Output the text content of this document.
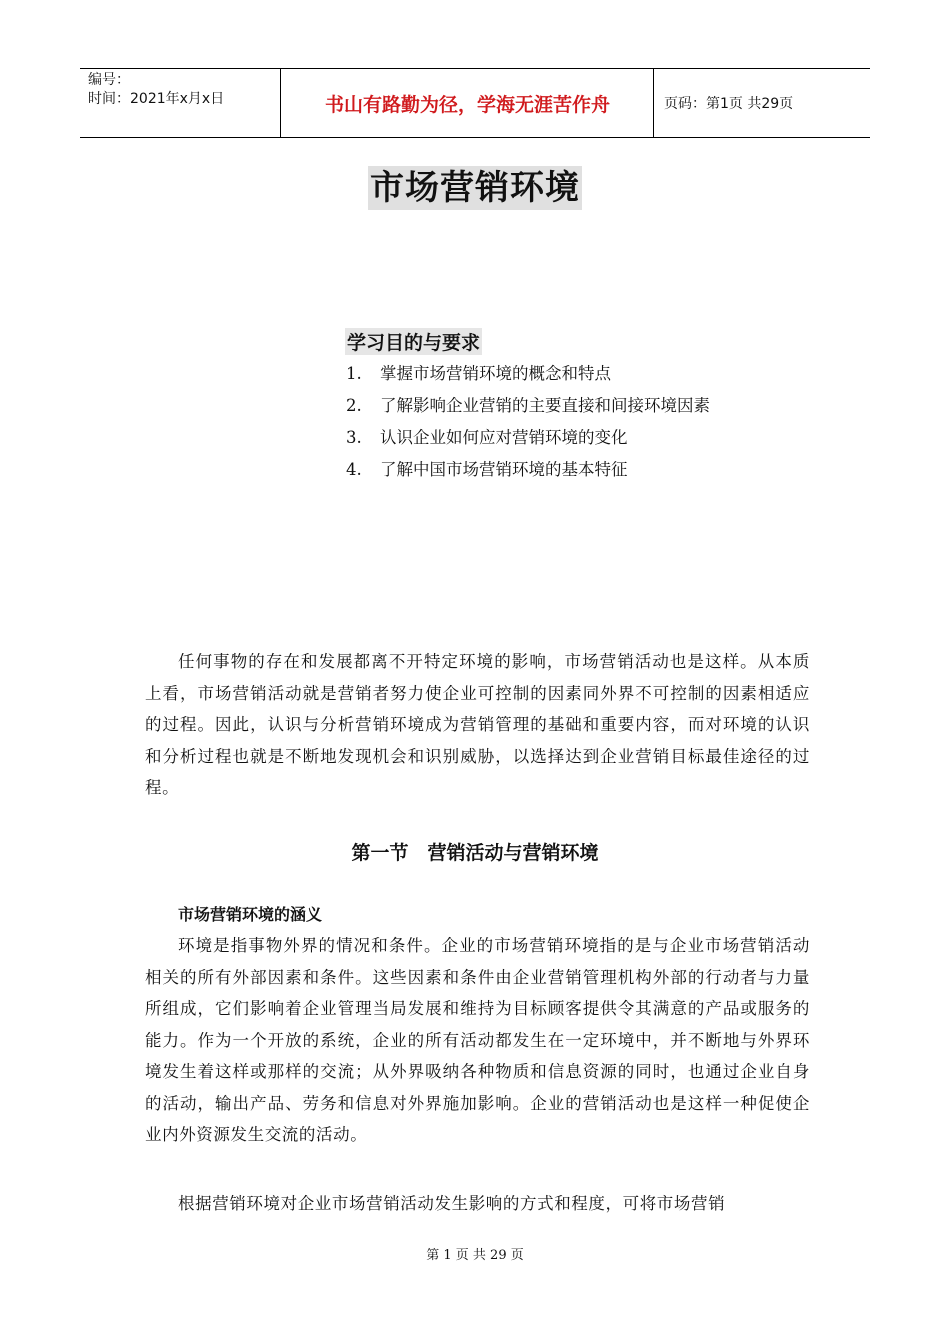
编号：
时间：2021年x月x日	书山有路勤为径，学海无涯苦作舟	页码：第1页 共29页
市场营销环境
学习目的与要求
1. 掌握市场营销环境的概念和特点
2. 了解影响企业营销的主要直接和间接环境因素
3. 认识企业如何应对营销环境的变化
4. 了解中国市场营销环境的基本特征

任何事物的存在和发展都离不开特定环境的影响，市场营销活动也是这样。从本质上看，市场营销活动就是营销者努力使企业可控制的因素同外界不可控制的因素相适应的过程。因此，认识与分析营销环境成为营销管理的基础和重要内容，而对环境的认识和分析过程也就是不断地发现机会和识别威胁，以选择达到企业营销目标最佳途径的过程。

第一节　营销活动与营销环境
市场营销环境的涵义

环境是指事物外界的情况和条件。企业的市场营销环境指的是与企业市场营销活动相关的所有外部因素和条件。这些因素和条件由企业营销管理机构外部的行动者与力量所组成，它们影响着企业管理当局发展和维持为目标顾客提供令其满意的产品或服务的能力。作为一个开放的系统，企业的所有活动都发生在一定环境中，并不断地与外界环境发生着这样或那样的交流；从外界吸纳各种物质和信息资源的同时，也通过企业自身的活动，输出产品、劳务和信息对外界施加影响。企业的营销活动也是这样一种促使企业内外资源发生交流的活动。

根据营销环境对企业市场营销活动发生影响的方式和程度，可将市场营销

第 1 页 共 29 页
